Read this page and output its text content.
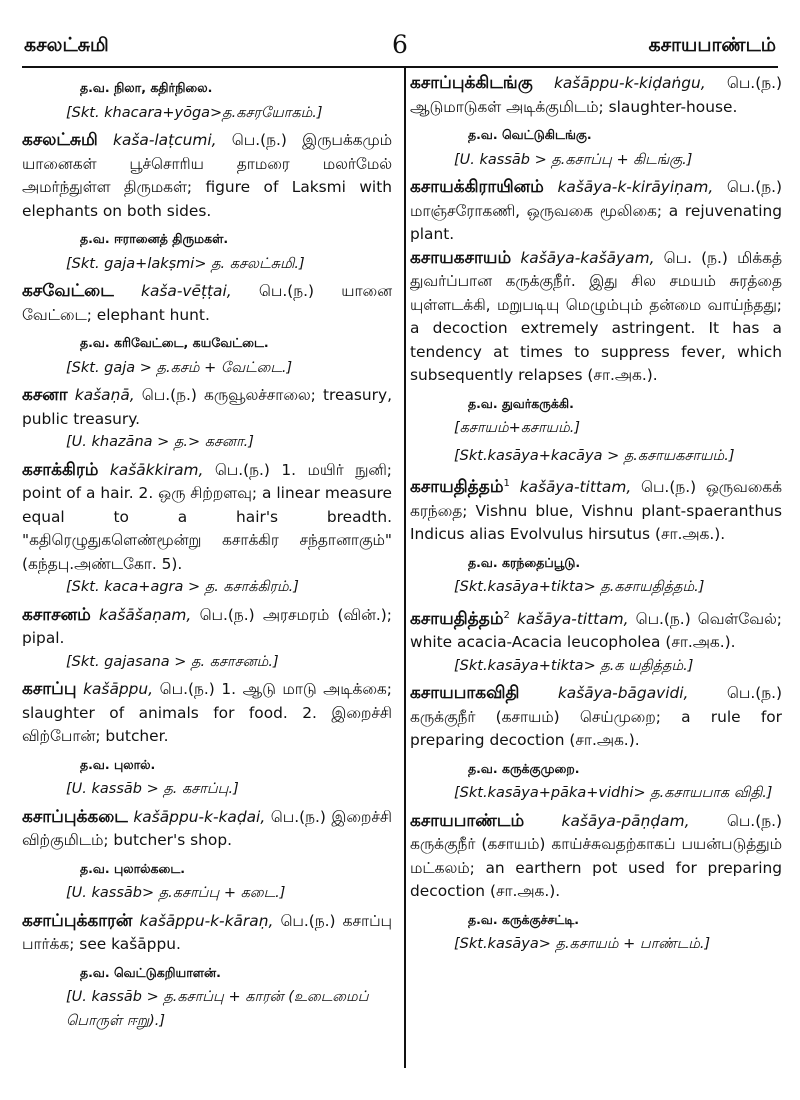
கசலட்சுமி	6	கசாயபாண்டம்
த.வ. நிலா, கதிர்நிலை.
[Skt. khacara+yōga>த.கசரயோகம்.]

கசலட்சுமி kaša-laṭcumi, பெ.(ந.) இருபக்கமும் யானைகள் பூச்சொரிய தாமரை மலர்மேல் அமர்ந்துள்ள திருமகள்; figure of Laksmi with elephants on both sides.

த.வ. ஈரானைத் திருமகள்.
[Skt. gaja+lakṣmi> த. கசலட்சுமி.]

கசவேட்டை kaša-vēṭṭai, பெ.(ந.) யானை வேட்டை; elephant hunt.

த.வ. கரிவேட்டை, கயவேட்டை.
[Skt. gaja > த.கசம் + வேட்டை.]

கசனா kašaṇā, பெ.(ந.) கருவூலச்சாலை; treasury, public treasury.

[U. khazāna > த.> கசனா.]

கசாக்கிரம் kašākkiram, பெ.(ந.) 1. மயிர் நுனி; point of a hair. 2. ஒரு சிற்றளவு; a linear measure equal to a hair's breadth. "கதிரெழுதுகளெண்மூன்று கசாக்கிர சந்தானாகும்" (கந்தபு.அண்டகோ. 5).

[Skt. kaca+agra > த. கசாக்கிரம்.]

கசாசனம் kašāšaṇam, பெ.(ந.) அரசமரம் (வின்.); pipal.

[Skt. gajasana > த. கசாசனம்.]

கசாப்பு kašāppu, பெ.(ந.) 1. ஆடு மாடு அடிக்கை; slaughter of animals for food. 2. இறைச்சி விற்போன்; butcher.

த.வ. புலால்.
[U. kassāb > த. கசாப்பு.]

கசாப்புக்கடை kašāppu-k-kaḍai, பெ.(ந.) இறைச்சி விற்குமிடம்; butcher's shop.

த.வ. புலால்கடை.
[U. kassāb> த.கசாப்பு + கடை.]

கசாப்புக்காரன் kašāppu-k-kāraṇ, பெ.(ந.) கசாப்பு பார்க்க; see kašāppu.

த.வ. வெட்டுகறியாளன்.
[U. kassāb > த.கசாப்பு + காரன் (உடைமைப் பொருள் ஈறு).]

கசாப்புக்கிடங்கு kašāppu-k-kiḍaṅgu, பெ.(ந.) ஆடுமாடுகள் அடிக்குமிடம்; slaughter-house.

த.வ. வெட்டுகிடங்கு.
[U. kassāb > த.கசாப்பு + கிடங்கு.]

கசாயக்கிராயினம் kašāya-k-kirāyiṇam, பெ.(ந.) மாஞ்சரோகணி, ஒருவகை மூலிகை; a rejuvenating plant.

கசாயகசாயம் kašāya-kašāyam, பெ. (ந.) மிக்கத் துவர்ப்பான கருக்குநீர். இது சில சமயம் சுரத்தை யுள்ளடக்கி, மறுபடியு மெழும்பும் தன்மை வாய்ந்தது; a decoction extremely astringent. It has a tendency at times to suppress fever, which subsequently relapses (சா.அக.).

த.வ. துவர்கருக்கி.
[கசாயம்+கசாயம்.]
[Skt.kasāya+kacāya > த.கசாயகசாயம்.]

கசாயதித்தம்$^1$ kašāya-tittam, பெ.(ந.) ஒருவகைக் கரந்தை; Vishnu blue, Vishnu plant-spaeranthus Indicus alias Evolvulus hirsutus (சா.அக.).

த.வ. கரந்தைப்பூடு.
[Skt.kasāya+tikta> த.கசாயதித்தம்.]

கசாயதித்தம்$^2$ kašāya-tittam, பெ.(ந.) வெள்வேல்; white acacia-Acacia leucopholea (சா.அக.).

[Skt.kasāya+tikta> த.க யதித்தம்.]

கசாயபாகவிதி kašāya-bāgavidi, பெ.(ந.) கருக்குநீர் (கசாயம்) செய்முறை; a rule for preparing decoction (சா.அக.).

த.வ. கருக்குமுறை.
[Skt.kasāya+pāka+vidhi> த.கசாயபாக விதி.]

கசாயபாண்டம் kašāya-pāṇḍam, பெ.(ந.) கருக்குநீர் (கசாயம்) காய்ச்சுவதற்காகப் பயன்படுத்தும் மட்கலம்; an earthern pot used for preparing decoction (சா.அக.).

த.வ. கருக்குச்சட்டி.
[Skt.kasāya> த.கசாயம் + பாண்டம்.]
